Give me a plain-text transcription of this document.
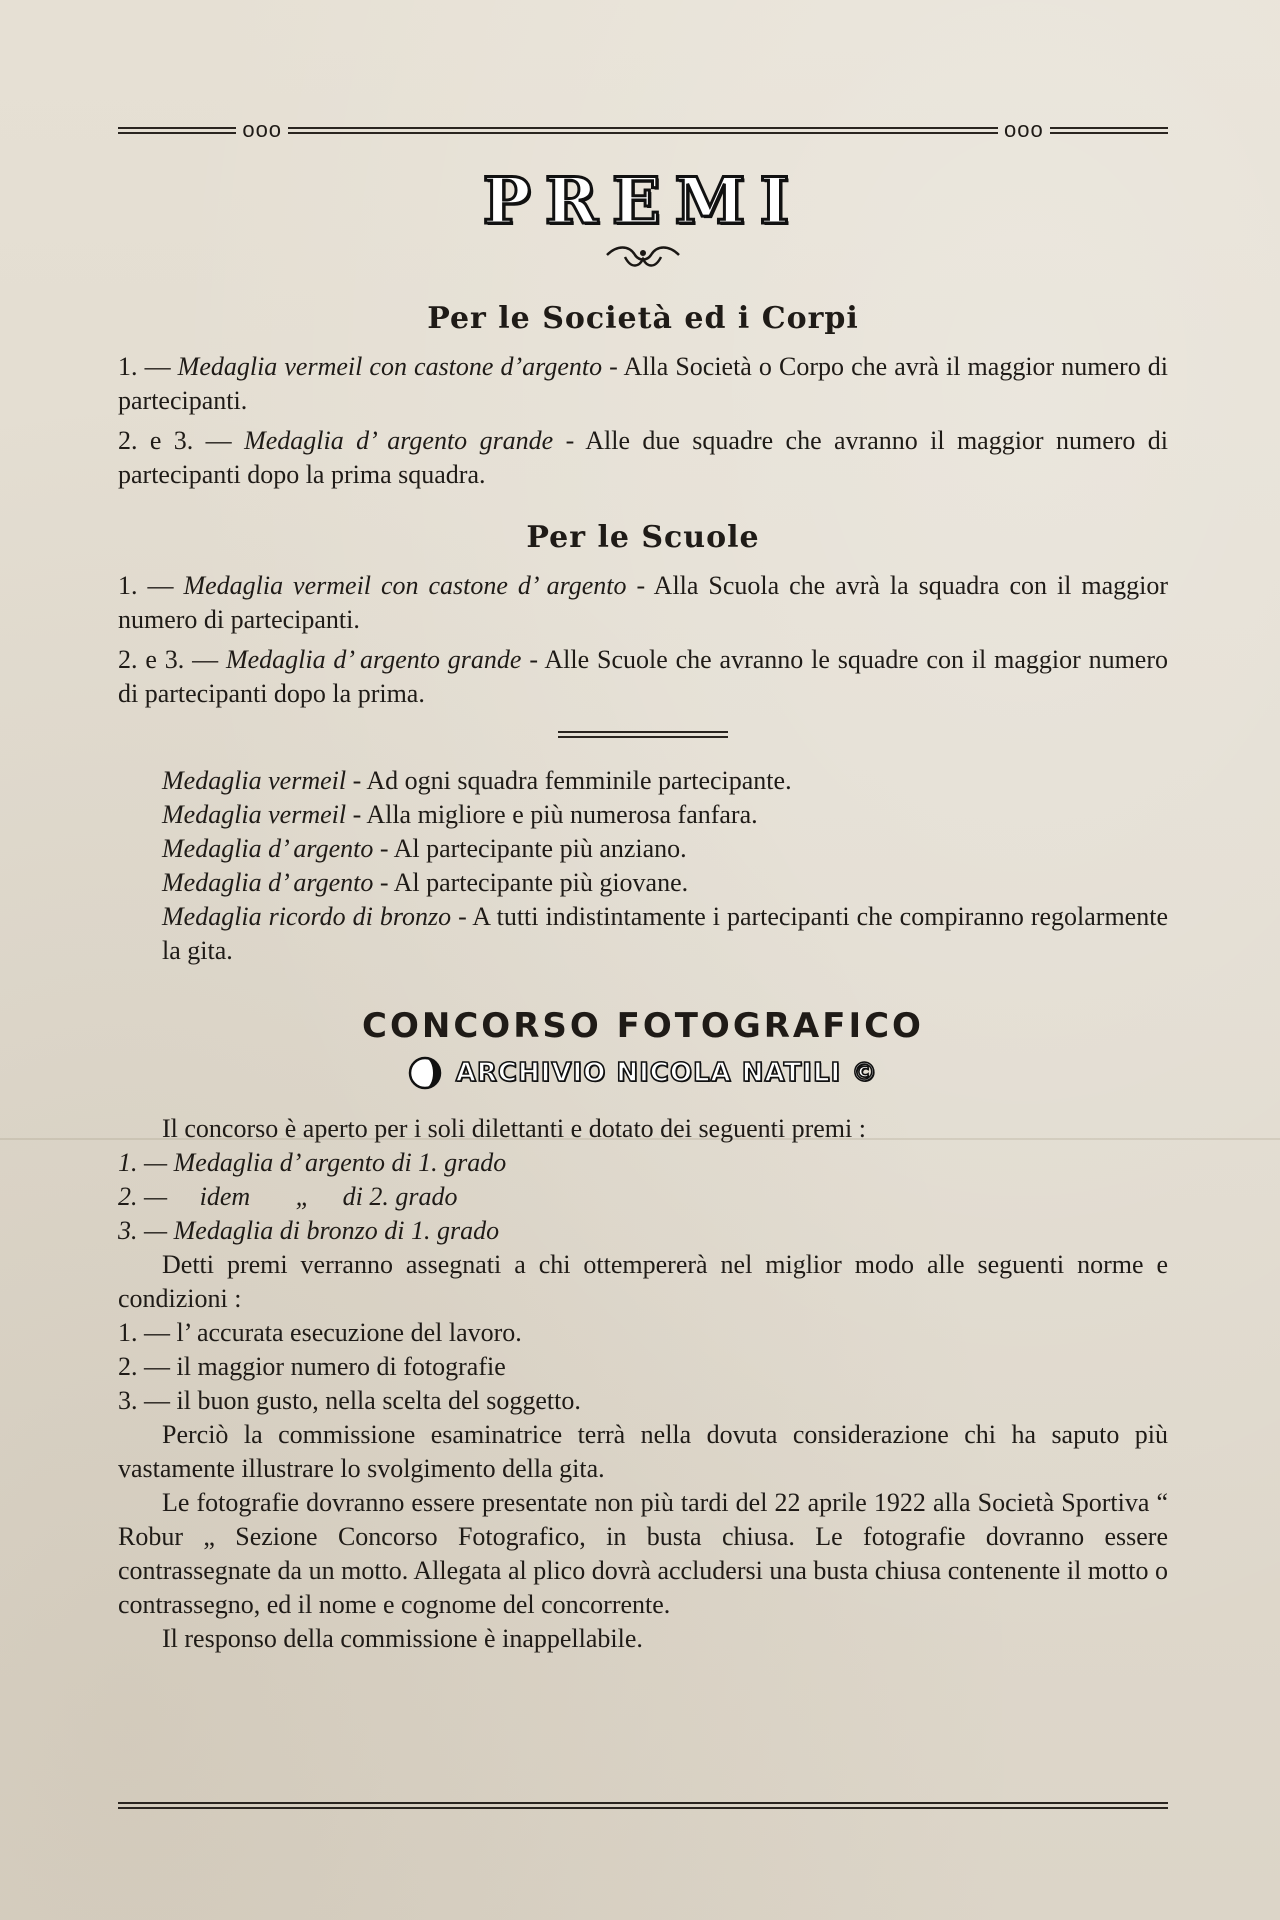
ooo	ooo
PREMI
Per le Società ed i Corpi

1. — Medaglia vermeil con castone d’argento - Alla Società o Corpo che avrà il maggior numero di partecipanti.

2. e 3. — Medaglia d’ argento grande - Alle due squadre che avranno il maggior numero di partecipanti dopo la prima squadra.

Per le Scuole

1. — Medaglia vermeil con castone d’ argento - Alla Scuola che avrà la squadra con il maggior numero di partecipanti.

2. e 3. — Medaglia d’ argento grande - Alle Scuole che avranno le squadre con il maggior numero di partecipanti dopo la prima.

Medaglia vermeil - Ad ogni squadra femminile partecipante.

Medaglia vermeil - Alla migliore e più numerosa fanfara.

Medaglia d’ argento - Al partecipante più anziano.

Medaglia d’ argento - Al partecipante più giovane.

Medaglia ricordo di bronzo - A tutti indistintamente i partecipanti che compiranno regolarmente la gita.

CONCORSO FOTOGRAFICO
ARCHIVIO NICOLA NATILI ©

Il concorso è aperto per i soli dilettanti e dotato dei seguenti premi :

1. — Medaglia d’ argento di 1. grado
2. —     idem       „     di 2. grado
3. — Medaglia di bronzo di 1. grado

Detti premi verranno assegnati a chi ottempererà nel miglior modo alle seguenti norme e condizioni :

1. — l’ accurata esecuzione del lavoro.

2. — il maggior numero di fotografie

3. — il buon gusto, nella scelta del soggetto.

Perciò la commissione esaminatrice terrà nella dovuta considerazione chi ha saputo più vastamente illustrare lo svolgimento della gita.

Le fotografie dovranno essere presentate non più tardi del 22 aprile 1922 alla Società Sportiva “ Robur „ Sezione Concorso Fotografico, in busta chiusa. Le fotografie dovranno essere contrassegnate da un motto. Allegata al plico dovrà accludersi una busta chiusa contenente il motto o contrassegno, ed il nome e cognome del concorrente.

Il responso della commissione è inappellabile.
